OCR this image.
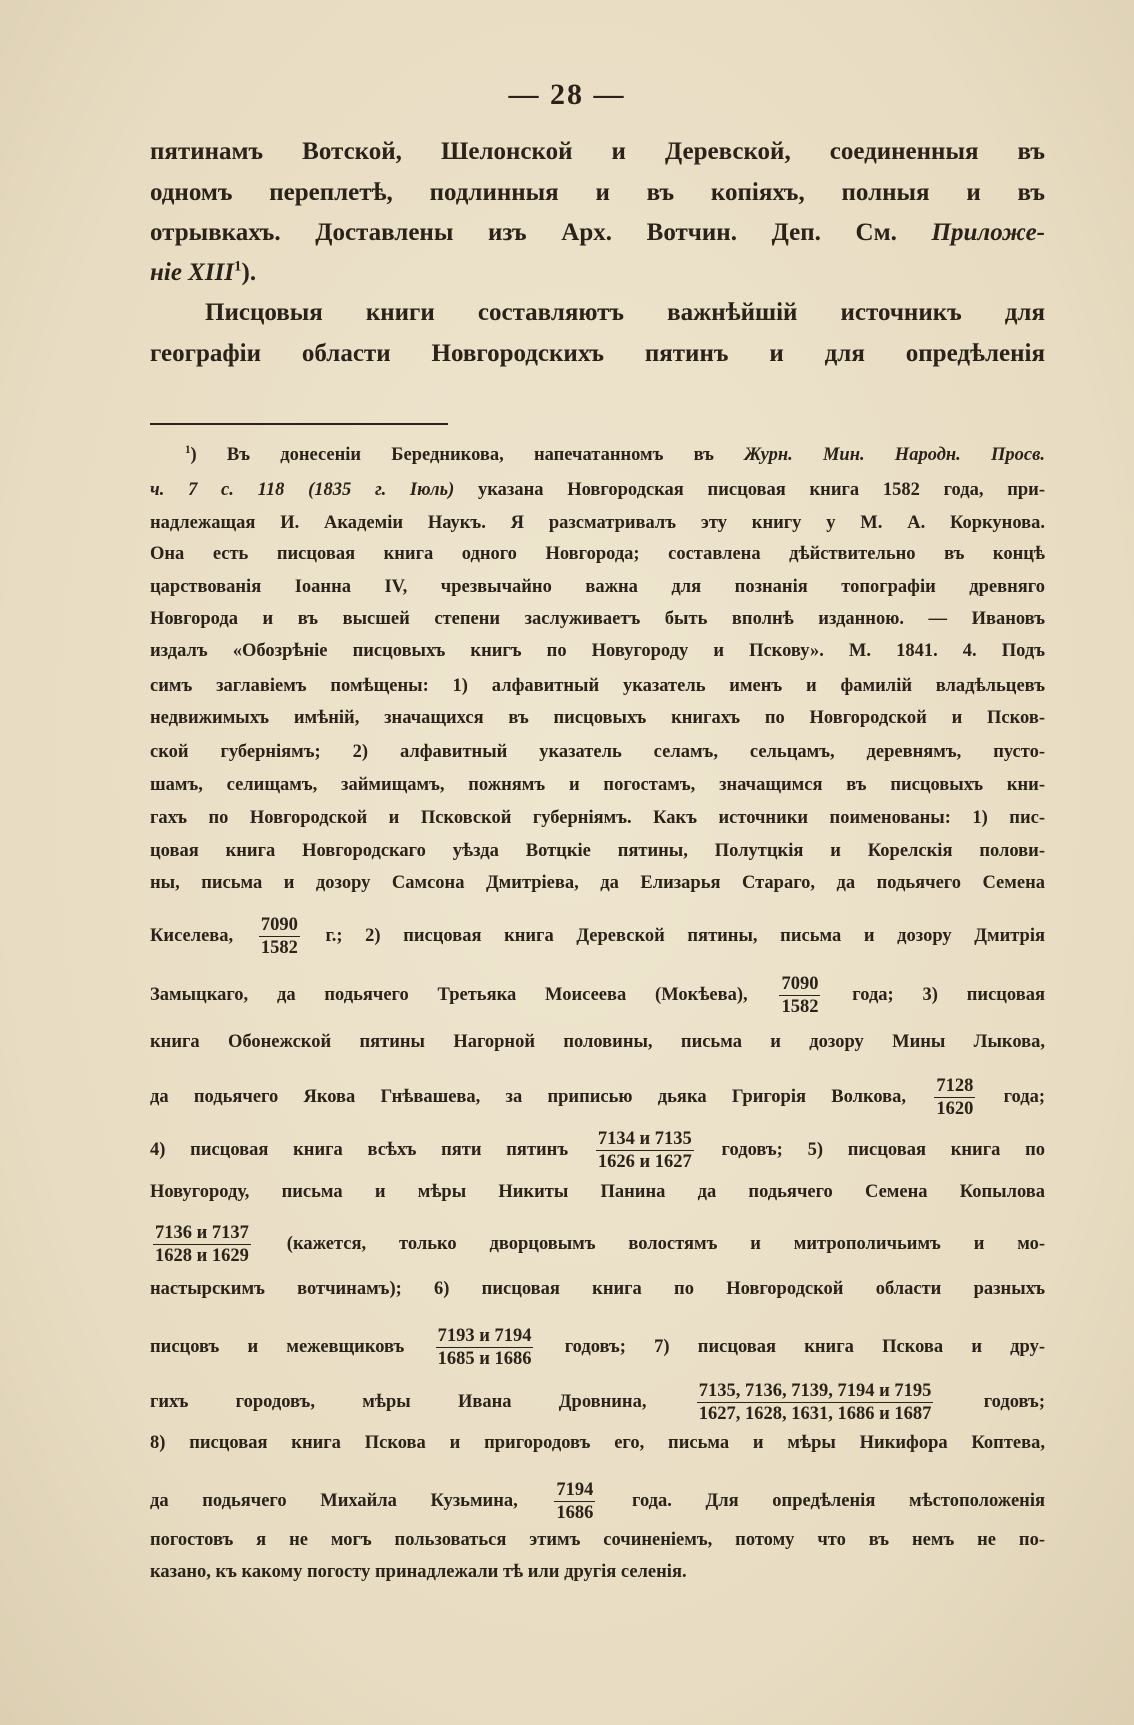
— 28 —
пятинамъ Вотской, Шелонской и Деревской, соединенныя въ
одномъ переплетѣ, подлинныя и въ копіяхъ, полныя и въ
отрывкахъ. Доставлены изъ Арх. Вотчин. Деп. См. Приложе-
ніе XIII$^1$).
Писцовыя книги составляютъ важнѣйшій источникъ для
географіи области Новгородскихъ пятинъ и для опредѣленія
$^1$) Въ донесеніи Бередникова, напечатанномъ въ Журн. Мин. Народн. Просв.
ч. 7 с. 118 (1835 г. Іюль) указана Новгородская писцовая книга 1582 года, при-
надлежащая И. Академіи Наукъ. Я разсматривалъ эту книгу у М. А. Коркунова.
Она есть писцовая книга одного Новгорода; составлена дѣйствительно въ концѣ
царствованія Іоанна IV, чрезвычайно важна для познанія топографіи древняго
Новгорода и въ высшей степени заслуживаетъ быть вполнѣ изданною. — Ивановъ
издалъ «Обозрѣніе писцовыхъ книгъ по Новугороду и Пскову». М. 1841. 4. Подъ
симъ заглавіемъ помѣщены: 1) алфавитный указатель именъ и фамилій владѣльцевъ
недвижимыхъ имѣній, значащихся въ писцовыхъ книгахъ по Новгородской и Псков-
ской губерніямъ; 2) алфавитный указатель селамъ, сельцамъ, деревнямъ, пусто-
шамъ, селищамъ, займищамъ, пожнямъ и погостамъ, значащимся въ писцовыхъ кни-
гахъ по Новгородской и Псковской губерніямъ. Какъ источники поименованы: 1) пис-
цовая книга Новгородскаго уѣзда Вотцкіе пятины, Полутцкія и Корелскія полови-
ны, письма и дозору Самсона Дмитріева, да Елизарья Стараго, да подьячего Семена
Киселева, $\frac{7090}{1582} г$.; 2) писцовая книга Деревской пятины, письма и дозору Дмитрія
Замыцкаго, да подьячего Третьяка Моисеева (Мокѣева), $\frac{7090}{1582}$ года; 3) писцовая
книга Обонежской пятины Нагорной половины, письма и дозору Мины Лыкова,
да подьячего Якова Гнѣвашева, за приписью дьяка Григорія Волкова, $\frac{7128}{1620}$ года;
4) писцовая книга всѣхъ пяти пятинъ $\frac{7134 и 7135}{1626 и 1627}$ годовъ; 5) писцовая книга по
Новугороду, письма и мѣры Никиты Панина да подьячего Семена Копылова
$\frac{7136 и 7137}{1628 и 1629}$ (кажется, только дворцовымъ волостямъ и митрополичьимъ и мо-
настырскимъ вотчинамъ); 6) писцовая книга по Новгородской области разныхъ
писцовъ и межевщиковъ $\frac{7193 и 7194}{1685 и 1686}$ годовъ; 7) писцовая книга Пскова и дру-
гихъ городовъ, мѣры Ивана Дровнина, $\frac{7135, 7136, 7139, 7194 и 7195}{1627, 1628, 1631, 1686 и 1687}$ годовъ;
8) писцовая книга Пскова и пригородовъ его, письма и мѣры Никифора Коптева,
да подьячего Михайла Кузьмина, $\frac{7194}{1686}$ года. Для опредѣленія мѣстоположенія
погостовъ я не могъ пользоваться этимъ сочиненіемъ, потому что въ немъ не по-
казано, къ какому погосту принадлежали тѣ или другія селенія.
